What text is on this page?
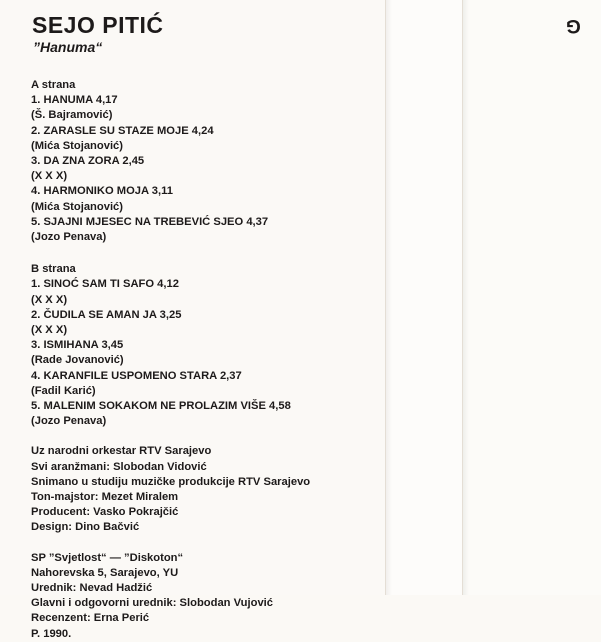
SEJO PITIĆ
”Hanuma“
A strana
1. HANUMA 4,17
(Š. Bajramović)
2. ZARASLE SU STAZE MOJE 4,24
(Mića Stojanović)
3. DA ZNA ZORA 2,45
(X X X)
4. HARMONIKO MOJA 3,11
(Mića Stojanović)
5. SJAJNI MJESEC NA TREBEVIĆ SJEO 4,37
(Jozo Penava)
B strana
1. SINOĆ SAM TI SAFO 4,12
(X X X)
2. ČUDILA SE AMAN JA 3,25
(X X X)
3. ISMIHANA 3,45
(Rade Jovanović)
4. KARANFILE USPOMENO STARA 2,37
(Fadil Karić)
5. MALENIM SOKAKOM NE PROLAZIM VIŠE 4,58
(Jozo Penava)
Uz narodni orkestar RTV Sarajevo
Svi aranžmani: Slobodan Vidović
Snimano u studiju muzičke produkcije RTV Sarajevo
Ton-majstor: Mezet Miralem
Producent: Vasko Pokrajčić
Design: Dino Bačvić
SP ”Svjetlost“ — ”Diskoton“
Nahorevska 5, Sarajevo, YU
Urednik: Nevad Hadžić
Glavni i odgovorni urednik: Slobodan Vujović
Recenzent: Erna Perić
P. 1990.
G
